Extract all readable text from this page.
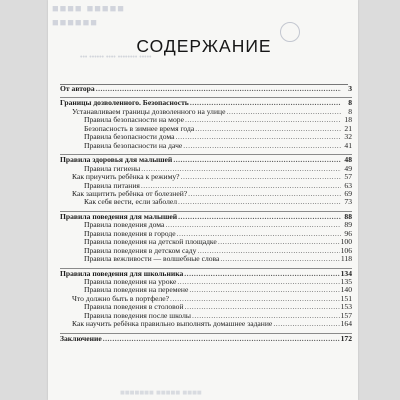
■■■■ ■■■■■
■■■■■■
••• •••••• •••• •••••••• •••••
СОДЕРЖАНИЕ
От автора .....	3
Границы дозволенного. Безопасность .....	8
Устанавливаем границы дозволенного на улице .....	8
Правила безопасности на море .....	18
Безопасность в зимнее время года .....	21
Правила безопасности дома .....	32
Правила безопасности на даче .....	41
Правила здоровья для малышей .....	48
Правила гигиены .....	49
Как приучить ребёнка к режиму? .....	57
Правила питания .....	63
Как защитить ребёнка от болезней? .....	69
Как себя вести, если заболел .....	73
Правила поведения для малышей .....	88
Правила поведения дома .....	89
Правила поведения в городе .....	96
Правила поведения на детской площадке .....	100
Правила поведения в детском саду .....	106
Правила вежливости — волшебные слова .....	118
Правила поведения для школьника .....	134
Правила поведения на уроке .....	135
Правила поведения на перемене .....	140
Что должно быть в портфеле? .....	151
Правила поведения в столовой .....	153
Правила поведения после школы .....	157
Как научить ребёнка правильно выполнять домашнее задание .....	164
Заключение .....	172
■■■■■■■ ■■■■■ ■■■■
